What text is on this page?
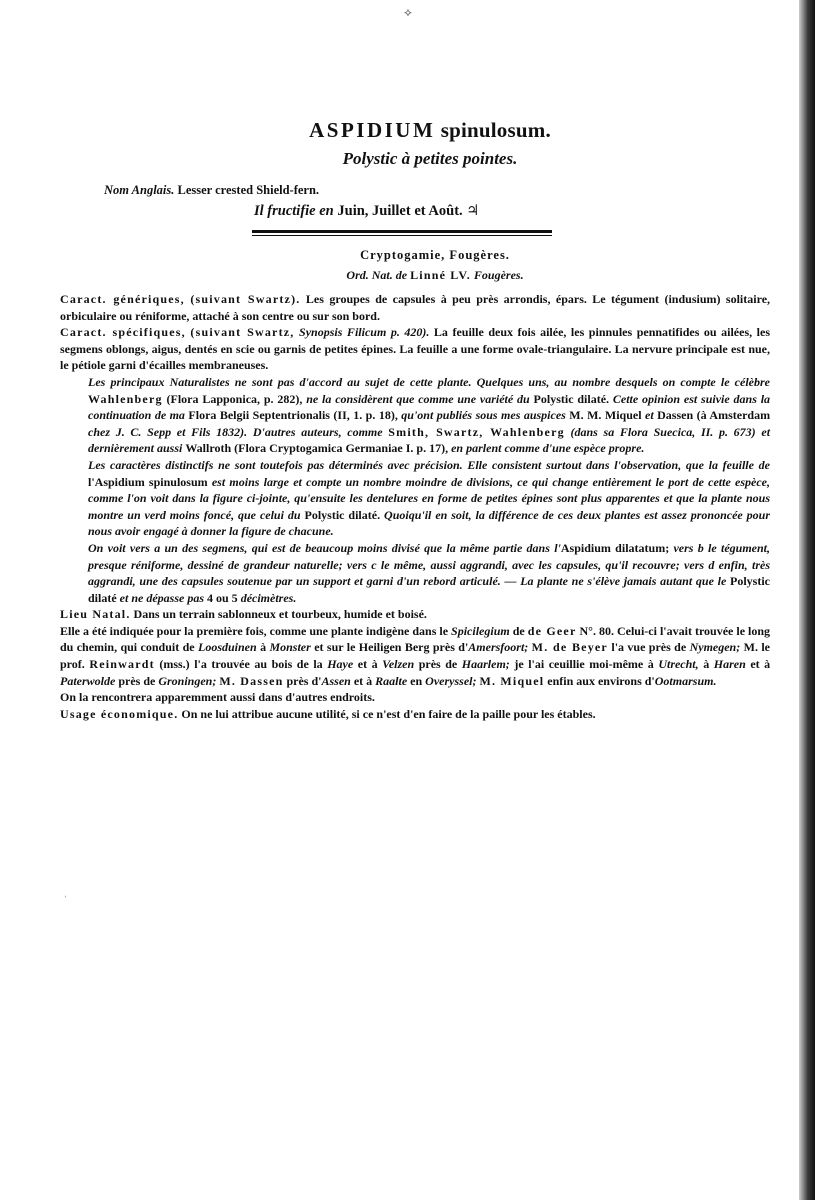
⟡
˒
ASPIDIUM spinulosum.

Polystic à petites pointes.

Nom Anglais. Lesser crested Shield-fern.

Il fructifie en Juin, Juillet et Août. ♃

Cryptogamie, Fougères.

Ord. Nat. de Linné LV. Fougères.

Caract. génériques, (suivant Swartz). Les groupes de capsules à peu près arrondis, épars. Le tégument (indusium) solitaire, orbiculaire ou réniforme, attaché à son centre ou sur son bord.

Caract. spécifiques, (suivant Swartz, Synopsis Filicum p. 420). La feuille deux fois ailée, les pinnules pennatifides ou ailées, les segmens oblongs, aigus, dentés en scie ou garnis de petites épines. La feuille a une forme ovale-triangulaire. La nervure principale est nue, le pétiole garni d'écailles membraneuses.

Les principaux Naturalistes ne sont pas d'accord au sujet de cette plante. Quelques uns, au nombre desquels on compte le célèbre Wahlenberg (Flora Lapponica, p. 282), ne la considèrent que comme une variété du Polystic dilaté. Cette opinion est suivie dans la continuation de ma Flora Belgii Septentrionalis (II, 1. p. 18), qu'ont publiés sous mes auspices M. M. Miquel et Dassen (à Amsterdam chez J. C. Sepp et Fils 1832). D'autres auteurs, comme Smith, Swartz, Wahlenberg (dans sa Flora Suecica, II. p. 673) et dernièrement aussi Wallroth (Flora Cryptogamica Germaniae I. p. 17), en parlent comme d'une espèce propre.

Les caractères distinctifs ne sont toutefois pas déterminés avec précision. Elle consistent surtout dans l'observation, que la feuille de l'Aspidium spinulosum est moins large et compte un nombre moindre de divisions, ce qui change entièrement le port de cette espèce, comme l'on voit dans la figure ci-jointe, qu'ensuite les dentelures en forme de petites épines sont plus apparentes et que la plante nous montre un verd moins foncé, que celui du Polystic dilaté. Quoiqu'il en soit, la différence de ces deux plantes est assez prononcée pour nous avoir engagé à donner la figure de chacune.

On voit vers a un des segmens, qui est de beaucoup moins divisé que la même partie dans l'Aspidium dilatatum; vers b le tégument, presque réniforme, dessiné de grandeur naturelle; vers c le même, aussi aggrandi, avec les capsules, qu'il recouvre; vers d enfin, très aggrandi, une des capsules soutenue par un support et garni d'un rebord articulé. — La plante ne s'élève jamais autant que le Polystic dilaté et ne dépasse pas 4 ou 5 décimètres.

Lieu Natal. Dans un terrain sablonneux et tourbeux, humide et boisé.

Elle a été indiquée pour la première fois, comme une plante indigène dans le Spicilegium de de Geer N°. 80. Celui-ci l'avait trouvée le long du chemin, qui conduit de Loosduinen à Monster et sur le Heiligen Berg près d'Amersfoort; M. de Beyer l'a vue près de Nymegen; M. le prof. Reinwardt (mss.) l'a trouvée au bois de la Haye et à Velzen près de Haarlem; je l'ai ceuillie moi-même à Utrecht, à Haren et à Paterwolde près de Groningen; M. Dassen près d'Assen et à Raalte en Overyssel; M. Miquel enfin aux environs d'Ootmarsum.
On la rencontrera apparemment aussi dans d'autres endroits.

Usage économique. On ne lui attribue aucune utilité, si ce n'est d'en faire de la paille pour les étables.
